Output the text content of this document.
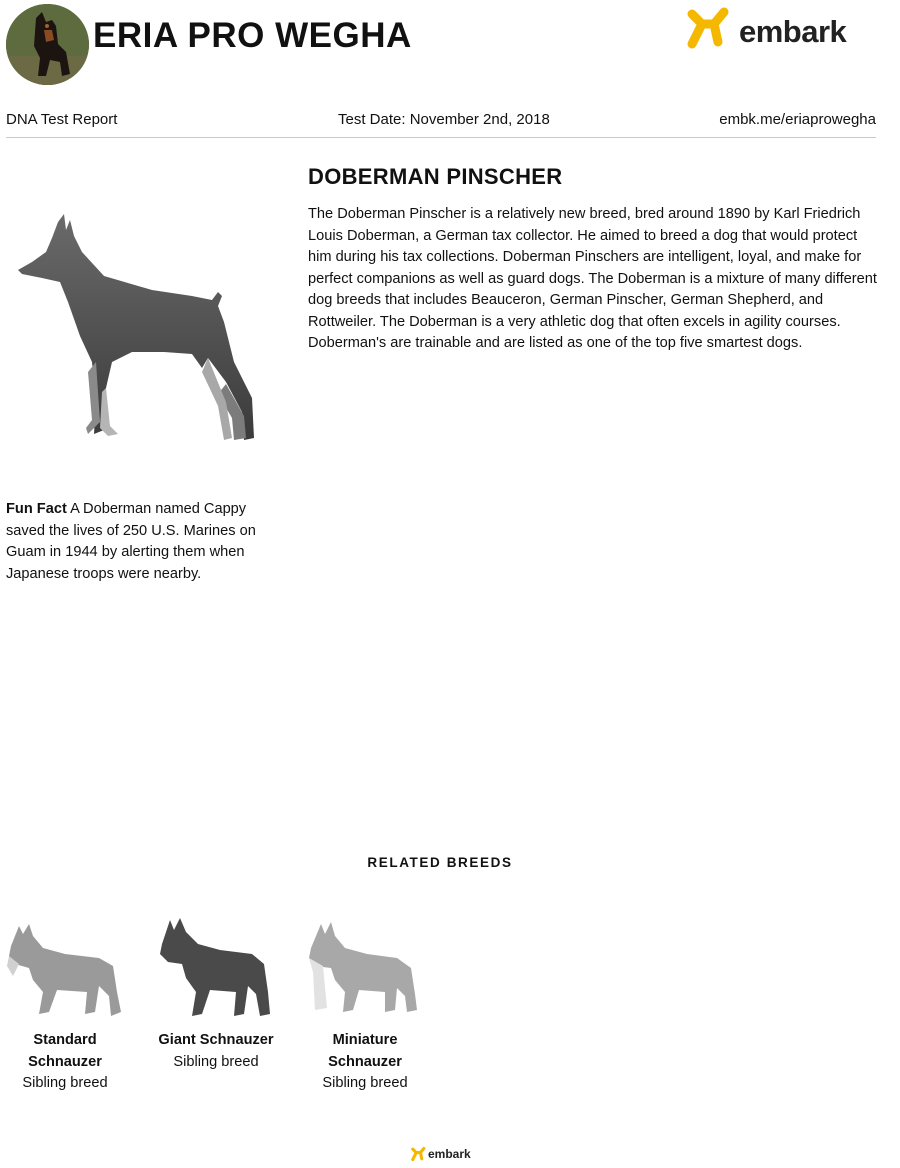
ERIA PRO WEGHA	embark
DNA Test Report	Test Date: November 2nd, 2018	embk.me/eriaprowegha
DOBERMAN PINSCHER
The Doberman Pinscher is a relatively new breed, bred around 1890 by Karl Friedrich Louis Doberman, a German tax collector. He aimed to breed a dog that would protect him during his tax collections. Doberman Pinschers are intelligent, loyal, and make for perfect companions as well as guard dogs. The Doberman is a mixture of many different dog breeds that includes Beauceron, German Pinscher, German Shepherd, and Rottweiler. The Doberman is a very athletic dog that often excels in agility courses. Doberman's are trainable and are listed as one of the top five smartest dogs.
Fun Fact A Doberman named Cappy saved the lives of 250 U.S. Marines on Guam in 1944 by alerting them when Japanese troops were nearby.
RELATED BREEDS
Standard Schnauzer
Sibling breed
Giant Schnauzer
Sibling breed
Miniature Schnauzer
Sibling breed
embark
